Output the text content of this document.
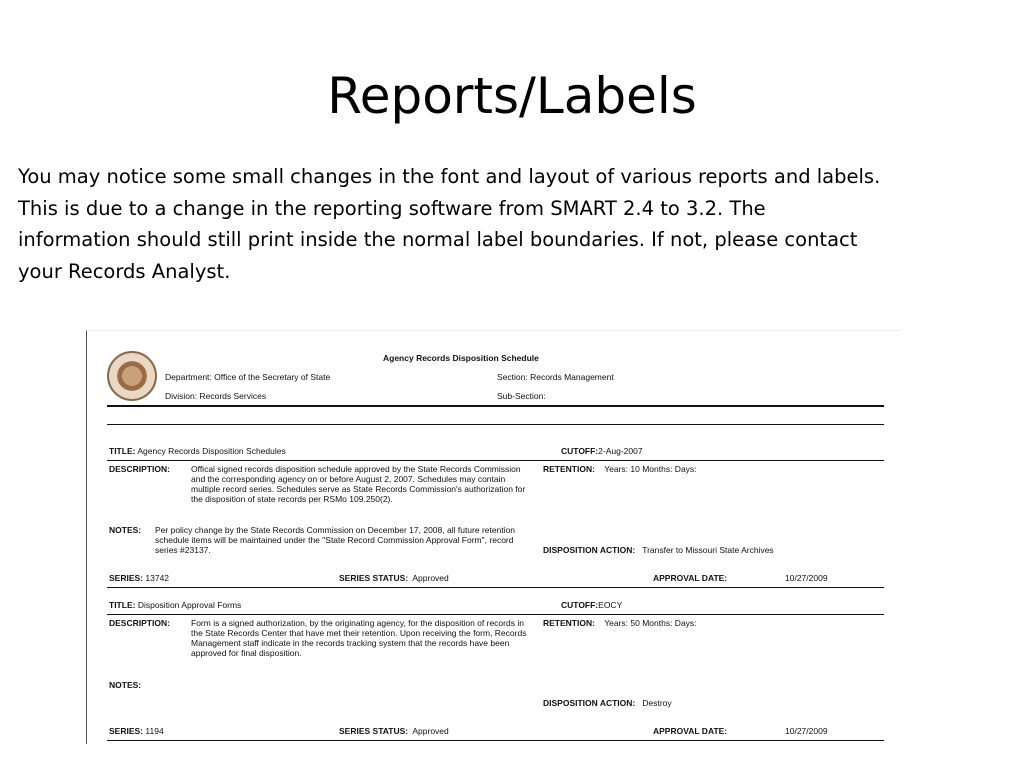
Reports/Labels
You may notice some small changes in the font and layout of various reports and labels.
This is due to a change in the reporting software from SMART 2.4 to 3.2. The
information should still print inside the normal label boundaries. If not, please contact
your Records Analyst.
Agency Records Disposition Schedule
Department: Office of the Secretary of State	Section: Records Management
Division: Records Services	Sub-Section:
TITLE: Agency Records Disposition Schedules	CUTOFF:2-Aug-2007
DESCRIPTION: Offical signed records disposition schedule approved by the State Records Commission and the corresponding agency on or before August 2, 2007. Schedules may contain multiple record series. Schedules serve as State Records Commission's authorization for the disposition of state records per RSMo 109.250(2).
RETENTION: Years: 10 Months: Days:
NOTES: Per policy change by the State Records Commission on December 17, 2008, all future retention schedule items will be maintained under the "State Record Commission Approval Form", record series #23137.	DISPOSITION ACTION: Transfer to Missouri State Archives
SERIES: 13742	SERIES STATUS: Approved	APPROVAL DATE:	10/27/2009
TITLE: Disposition Approval Forms	CUTOFF:EOCY
DESCRIPTION: Form is a signed authorization, by the originating agency, for the disposition of records in the State Records Center that have met their retention. Upon receiving the form, Records Management staff indicate in the records tracking system that the records have been approved for final disposition.
RETENTION: Years: 50 Months: Days:
NOTES:
DISPOSITION ACTION: Destroy
SERIES: 1194	SERIES STATUS: Approved	APPROVAL DATE:	10/27/2009
